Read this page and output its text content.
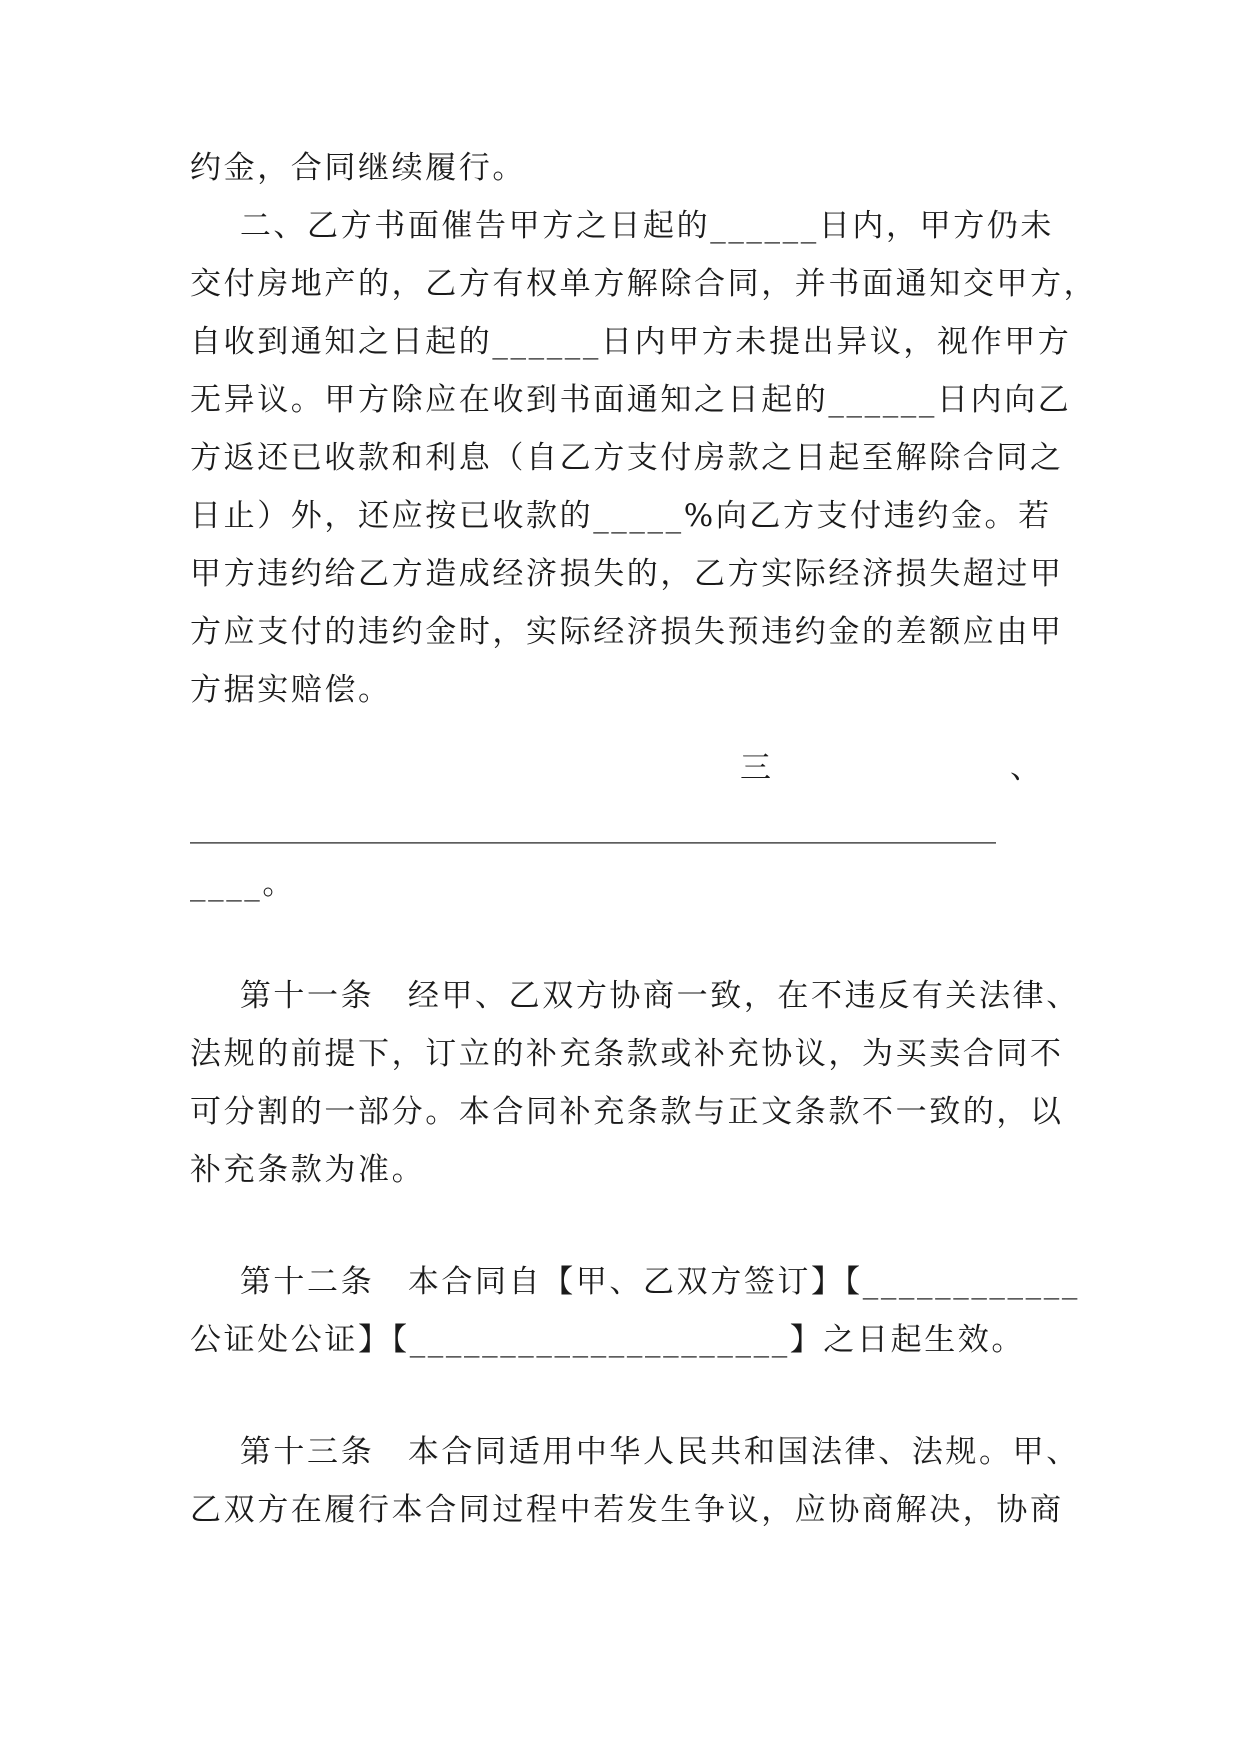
约金，合同继续履行。
二、乙方书面催告甲方之日起的______日内，甲方仍未
交付房地产的，乙方有权单方解除合同，并书面通知交甲方，
自收到通知之日起的______日内甲方未提出异议，视作甲方
无异议。甲方除应在收到书面通知之日起的______日内向乙
方返还已收款和利息（自乙方支付房款之日起至解除合同之
日止）外，还应按已收款的_____%向乙方支付违约金。若
甲方违约给乙方造成经济损失的，乙方实际经济损失超过甲
方应支付的违约金时，实际经济损失预违约金的差额应由甲
方据实赔偿。
三	、
____________________________________________________
____。
第十一条　经甲、乙双方协商一致，在不违反有关法律、
法规的前提下，订立的补充条款或补充协议，为买卖合同不
可分割的一部分。本合同补充条款与正文条款不一致的，以
补充条款为准。
第十二条　本合同自【甲、乙双方签订】【____________
公证处公证】【_____________________】之日起生效。
第十三条　本合同适用中华人民共和国法律、法规。甲、
乙双方在履行本合同过程中若发生争议，应协商解决，协商
